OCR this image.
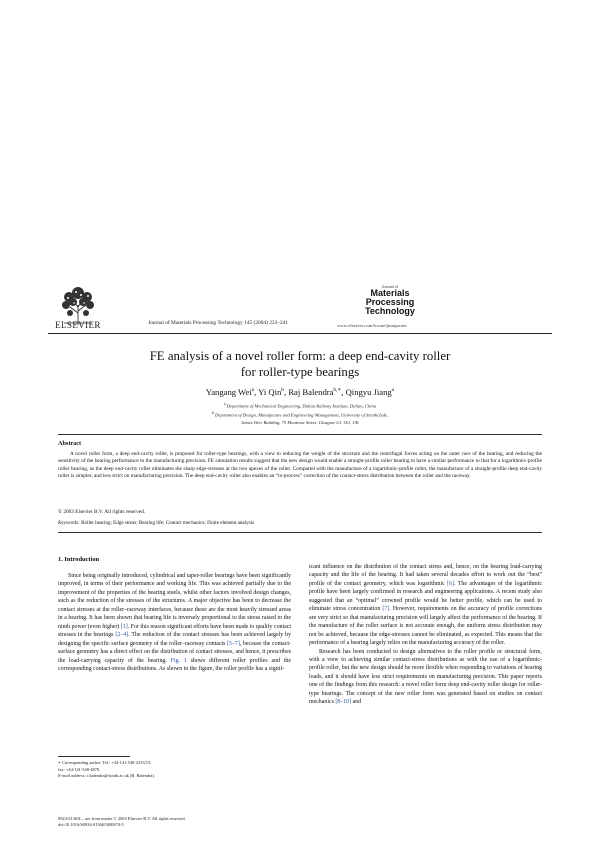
ELSEVIER	Journal of Materials Processing Technology 145 (2004) 233–241
Journal of
Materials
Processing
Technology
www.elsevier.com/locate/jmatprotec
FE analysis of a novel roller form: a deep end-cavity roller
for roller-type bearings
Yangang Wei$^a$, Yi Qin$^b$, Raj Balendra$^{b,∗}$, Qingyu Jiang$^a$
$^a$ Department of Mechanical Engineering, Dalian Railway Institute, Dalian, China
$^b$ Department of Design, Manufacture and Engineering Management, University of Strathclyde,
James Weir Building, 75 Montrose Street, Glasgow G1 1XJ, UK
Abstract
A novel roller form, a deep end-cavity roller, is proposed for roller-type bearings, with a view to reducing the weight of the structure and the centrifugal forces acting on the outer race of the bearing, and reducing the sensitivity of the bearing performance to the manufacturing precision. FE simulation results suggest that the new design would enable a straight-profile roller bearing to have a similar performance to that for a logarithmic-profile roller bearing, as the deep end-cavity roller eliminates the sharp edge-stresses at the two apexes of the roller. Compared with the manufacture of a logarithmic-profile roller, the manufacture of a straight-profile deep end-cavity roller is simpler, and less strict on manufacturing precision. The deep end-cavity roller also enables an “in-process” correction of the contact-stress distribution between the roller and the raceway.
© 2003 Elsevier B.V. All rights reserved.
Keywords: Roller bearing; Edge stress; Bearing life; Contact mechanics; Finite element analysis
1. Introduction
Since being originally introduced, cylindrical and taper-roller bearings have been significantly improved, in terms of their performance and working life. This was achieved partially due to the improvement of the properties of the bearing steels, whilst other factors involved design changes, such as the reduction of the stresses of the structures. A major objective has been to decrease the contact stresses at the roller–raceway interfaces, because these are the most heavily stressed areas in a bearing. It has been shown that bearing life is inversely proportional to the stress raised to the ninth power (even higher) [1]. For this reason significant efforts have been made to qualify contact stresses in the bearings [2–4]. The reduction of the contact stresses has been achieved largely by designing the specific surface geometry of the roller–raceway contacts [5–7], because the contact-surface geometry has a direct effect on the distribution of contact stresses, and hence, it prescribes the load-carrying capacity of the bearing. Fig. 1 shows different roller profiles and the corresponding contact-stress distributions. As shown in the figure, the roller profile has a signif-
icant influence on the distribution of the contact stress and, hence, on the bearing load-carrying capacity and the life of the bearing. It had taken several decades effort to work out the “best” profile of the contact geometry, which was logarithmic [6]. The advantages of the logarithmic profile have been largely confirmed in research and engineering applications. A recent study also suggested that an “optimal” crowned profile would be better profile, which can be used to eliminate stress concentration [7]. However, requirements on the accuracy of profile corrections are very strict so that manufacturing precision will largely affect the performance of the bearing. If the manufacture of the roller surface is not accurate enough, the uniform stress distribution may not be achieved, because the edge-stresses cannot be eliminated, as expected. This means that the performance of a bearing largely relies on the manufacturing accuracy of the roller.
Research has been conducted to design alternatives to the roller profile or structural form, with a view to achieving similar contact-stress distributions as with the use of a logarithmic-profile roller, but the new design should be more flexible when responding to variations of bearing loads, and it should have less strict requirements on manufacturing precision. This paper reports one of the findings from this research: a novel roller form deep end-cavity roller design for roller-type bearings. The concept of the new roller form was generated based on studies on contact mechanics [8–10] and
∗ Corresponding author. Tel.: +44-141-548-2333/15;
fax: +44-141-548-4870.
E-mail address: r.balendra@strath.ac.uk (R. Balendra).
0924-0136/$ – see front matter © 2003 Elsevier B.V. All rights reserved.
doi:10.1016/S0924-0136(03)00674-5
